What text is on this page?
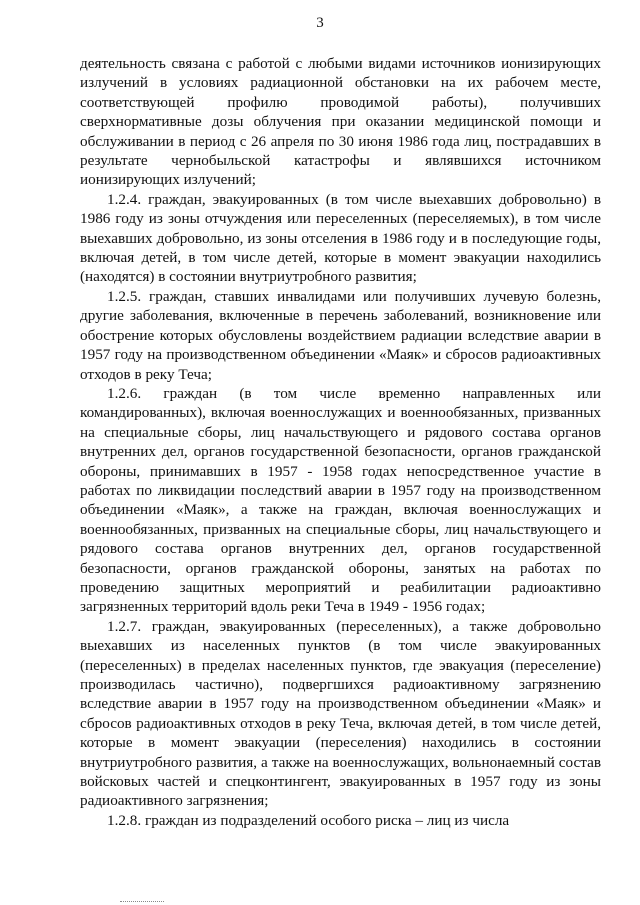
3

деятельность связана с работой с любыми видами источников ионизирующих излучений в условиях радиационной обстановки на их рабочем месте, соответствующей профилю проводимой работы), получивших сверхнормативные дозы облучения при оказании медицинской помощи и обслуживании в период с 26 апреля по 30 июня 1986 года лиц, пострадавших в результате чернобыльской катастрофы и являвшихся источником ионизирующих излучений;

1.2.4. граждан, эвакуированных (в том числе выехавших добровольно) в 1986 году из зоны отчуждения или переселенных (переселяемых), в том числе выехавших добровольно, из зоны отселения в 1986 году и в последующие годы, включая детей, в том числе детей, которые в момент эвакуации находились (находятся) в состоянии внутриутробного развития;

1.2.5. граждан, ставших инвалидами или получивших лучевую болезнь, другие заболевания, включенные в перечень заболеваний, возникновение или обострение которых обусловлены воздействием радиации вследствие аварии в 1957 году на производственном объединении «Маяк» и сбросов радиоактивных отходов в реку Теча;

1.2.6. граждан (в том числе временно направленных или командированных), включая военнослужащих и военнообязанных, призванных на специальные сборы, лиц начальствующего и рядового состава органов внутренних дел, органов государственной безопасности, органов гражданской обороны, принимавших в 1957 - 1958 годах непосредственное участие в работах по ликвидации последствий аварии в 1957 году на производственном объединении «Маяк», а также на граждан, включая военнослужащих и военнообязанных, призванных на специальные сборы, лиц начальствующего и рядового состава органов внутренних дел, органов государственной безопасности, органов гражданской обороны, занятых на работах по проведению защитных мероприятий и реабилитации радиоактивно загрязненных территорий вдоль реки Теча в 1949 - 1956 годах;

1.2.7. граждан, эвакуированных (переселенных), а также добровольно выехавших из населенных пунктов (в том числе эвакуированных (переселенных) в пределах населенных пунктов, где эвакуация (переселение) производилась частично), подвергшихся радиоактивному загрязнению вследствие аварии в 1957 году на производственном объединении «Маяк» и сбросов радиоактивных отходов в реку Теча, включая детей, в том числе детей, которые в момент эвакуации (переселения) находились в состоянии внутриутробного развития, а также на военнослужащих, вольнонаемный состав войсковых частей и спецконтингент, эвакуированных в 1957 году из зоны радиоактивного загрязнения;

1.2.8. граждан из подразделений особого риска – лиц из числа
